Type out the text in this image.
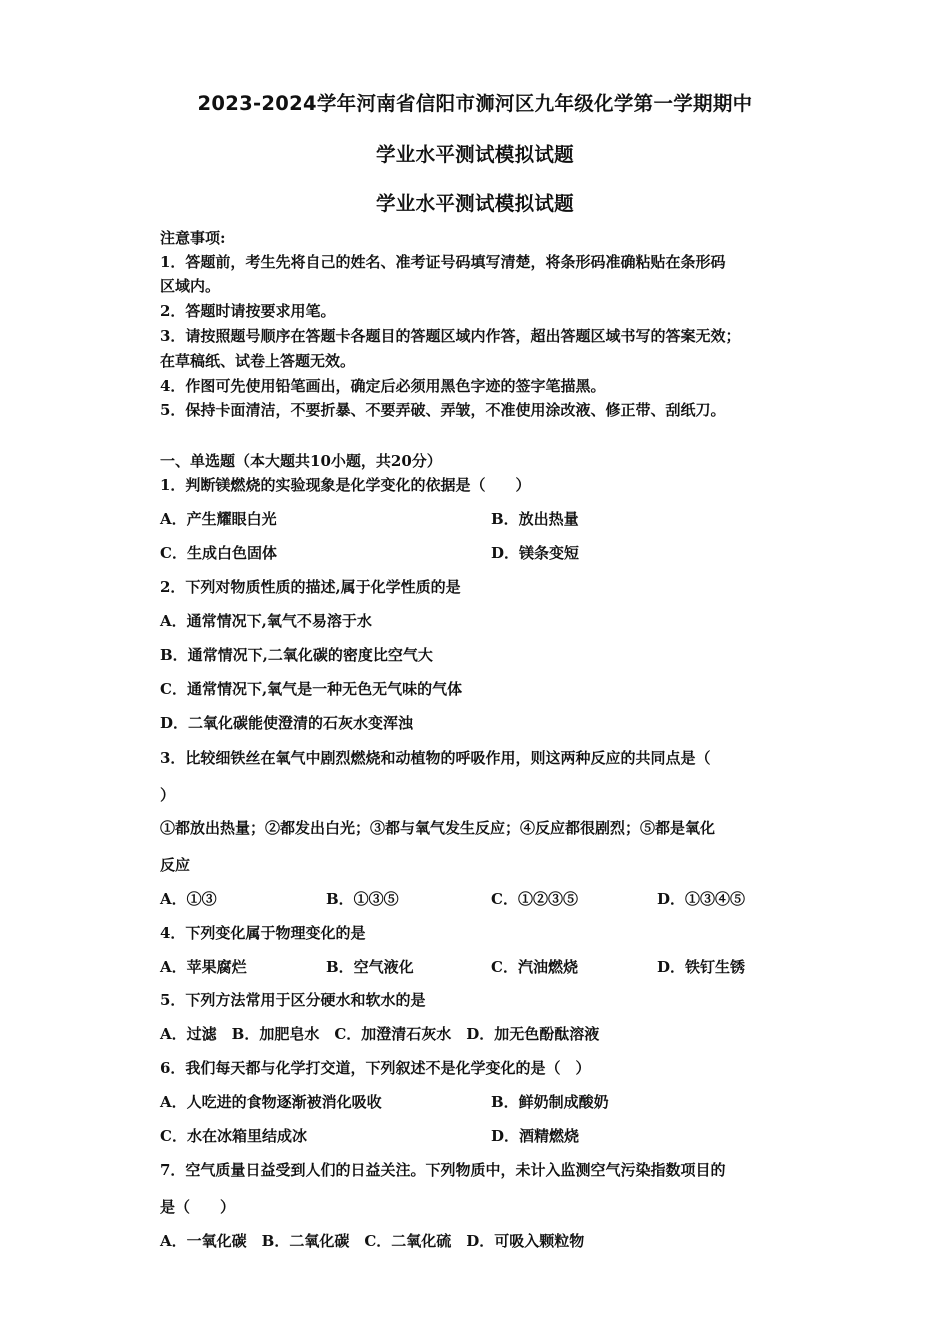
2023-2024学年河南省信阳市浉河区九年级化学第一学期期中
学业水平测试模拟试题
学业水平测试模拟试题
注意事项:
1．答题前，考生先将自己的姓名、准考证号码填写清楚，将条形码准确粘贴在条形码
区域内。
2．答题时请按要求用笔。
3．请按照题号顺序在答题卡各题目的答题区域内作答，超出答题区域书写的答案无效；
在草稿纸、试卷上答题无效。
4．作图可先使用铅笔画出，确定后必须用黑色字迹的签字笔描黑。
5．保持卡面清洁，不要折暴、不要弄破、弄皱，不准使用涂改液、修正带、刮纸刀。
一、单选题（本大题共10小题，共20分）
1．判断镁燃烧的实验现象是化学变化的依据是（　　）
A．产生耀眼白光	B．放出热量
C．生成白色固体	D．镁条变短
2．下列对物质性质的描述,属于化学性质的是
A．通常情况下,氧气不易溶于水
B．通常情况下,二氧化碳的密度比空气大
C．通常情况下,氧气是一种无色无气味的气体
D．二氧化碳能使澄清的石灰水变浑浊
3．比较细铁丝在氧气中剧烈燃烧和动植物的呼吸作用，则这两种反应的共同点是（
）
①都放出热量；②都发出白光；③都与氧气发生反应；④反应都很剧烈；⑤都是氧化
反应
A．①③	B．①③⑤	C．①②③⑤	D．①③④⑤
4．下列变化属于物理变化的是
A．苹果腐烂	B．空气液化	C．汽油燃烧	D．铁钉生锈
5．下列方法常用于区分硬水和软水的是
A．过滤　B．加肥皂水　C．加澄清石灰水　D．加无色酚酞溶液
6．我们每天都与化学打交道，下列叙述不是化学变化的是（　）
A．人吃进的食物逐渐被消化吸收	B．鲜奶制成酸奶
C．水在冰箱里结成冰	D．酒精燃烧
7．空气质量日益受到人们的日益关注。下列物质中，未计入监测空气污染指数项目的
是（　　）
A．一氧化碳　B．二氧化碳　C．二氧化硫　D．可吸入颗粒物
